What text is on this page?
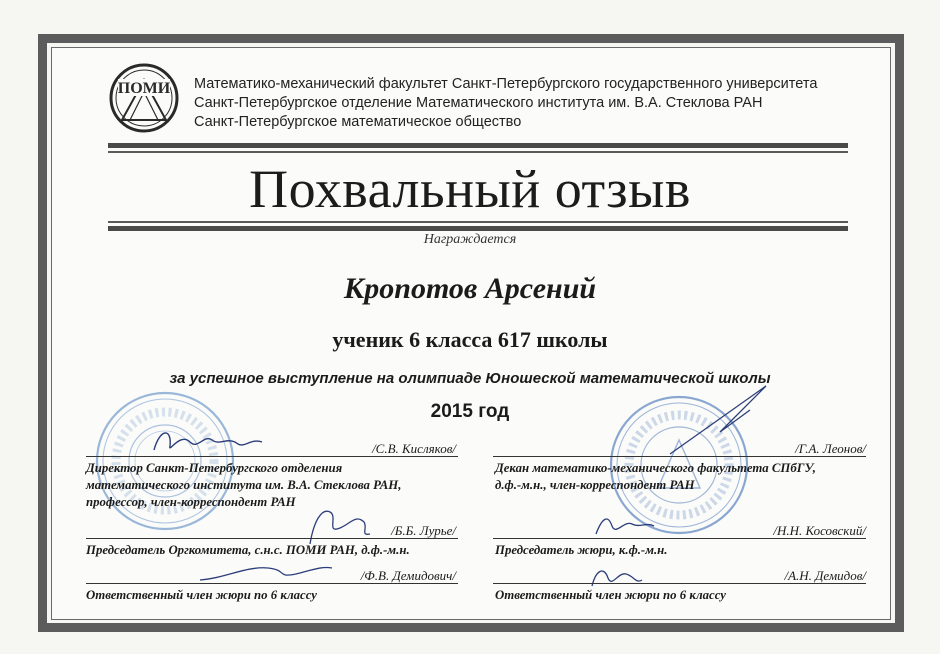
ПОМИ Математико-механический факультет Санкт-Петербургского государственного университета
Санкт-Петербургское отделение Математического института им. В.А. Стеклова РАН
Санкт-Петербургское математическое общество
Похвальный отзыв
Награждается
Кропотов Арсений
ученик 6 класса 617 школы
за успешное выступление на олимпиаде Юношеской математической школы
2015 год
/С.В. Кисляков/
Директор Санкт-Петербургского отделения
математического института им. В.А. Стеклова РАН,
профессор, член-корреспондент РАН
/Б.Б. Лурье/
Председатель Оргкомитета, с.н.с. ПОМИ РАН, д.ф.-м.н.
/Ф.В. Демидович/
Ответственный член жюри по 6 классу
/Г.А. Леонов/
Декан математико-механического факультета СПбГУ,
д.ф.-м.н., член-корреспондент РАН
/Н.Н. Косовский/
Председатель жюри, к.ф.-м.н.
/А.Н. Демидов/
Ответственный член жюри по 6 классу
